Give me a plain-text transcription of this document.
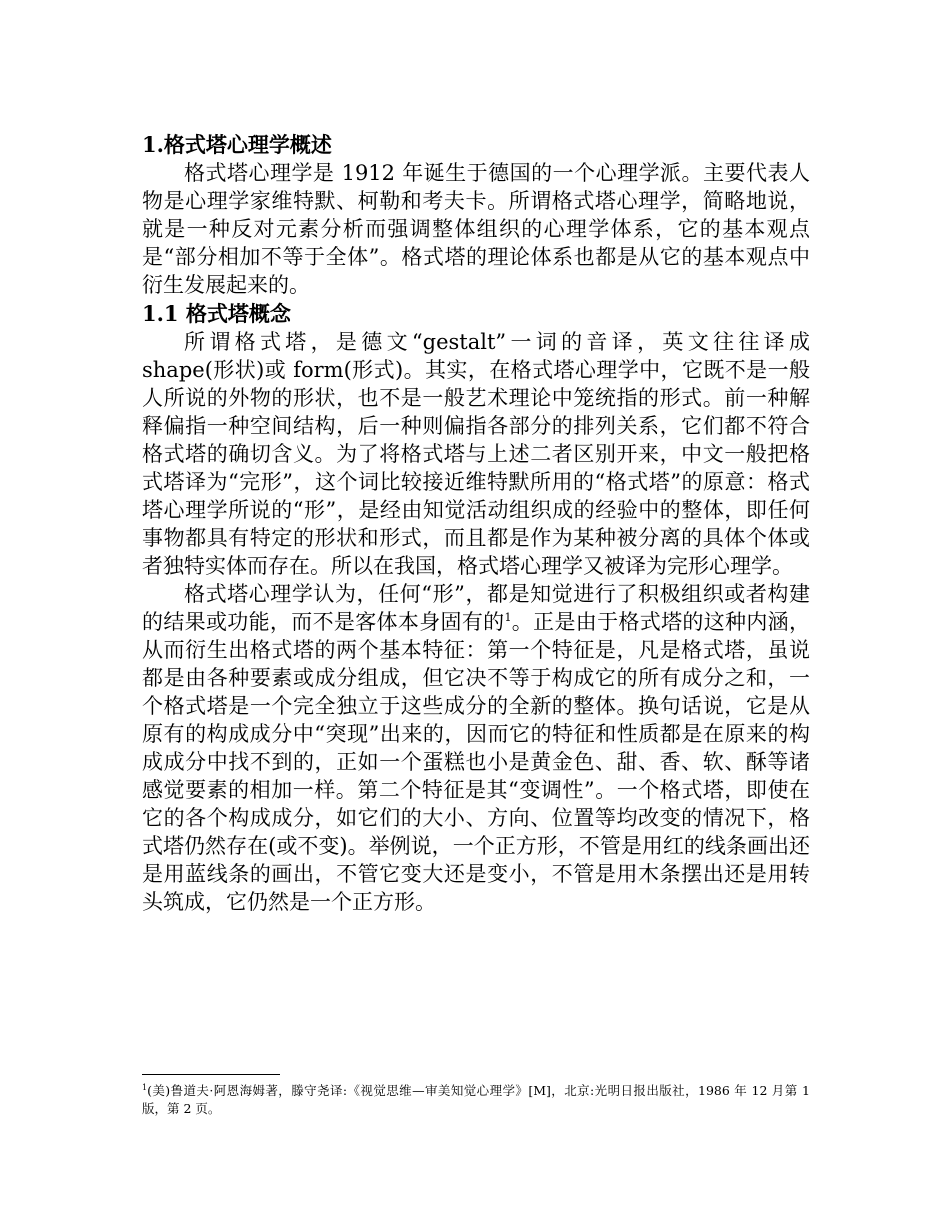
1.格式塔心理学概述

格式塔心理学是 1912 年诞生于德国的一个心理学派。主要代表人物是心理学家维特默、柯勒和考夫卡。所谓格式塔心理学，简略地说，就是一种反对元素分析而强调整体组织的心理学体系，它的基本观点是“部分相加不等于全体”。格式塔的理论体系也都是从它的基本观点中衍生发展起来的。

1.1 格式塔概念

所谓格式塔，是德文“gestalt”一词的音译，英文往往译成 shape(形状)或 form(形式)。其实，在格式塔心理学中，它既不是一般人所说的外物的形状，也不是一般艺术理论中笼统指的形式。前一种解释偏指一种空间结构，后一种则偏指各部分的排列关系，它们都不符合格式塔的确切含义。为了将格式塔与上述二者区别开来，中文一般把格式塔译为“完形”，这个词比较接近维特默所用的“格式塔”的原意：格式塔心理学所说的“形”，是经由知觉活动组织成的经验中的整体，即任何事物都具有特定的形状和形式，而且都是作为某种被分离的具体个体或者独特实体而存在。所以在我国，格式塔心理学又被译为完形心理学。

格式塔心理学认为，任何“形”，都是知觉进行了积极组织或者构建的结果或功能，而不是客体本身固有的$^1$。正是由于格式塔的这种内涵，从而衍生出格式塔的两个基本特征：第一个特征是，凡是格式塔，虽说都是由各种要素或成分组成，但它决不等于构成它的所有成分之和，一个格式塔是一个完全独立于这些成分的全新的整体。换句话说，它是从原有的构成成分中“突现”出来的，因而它的特征和性质都是在原来的构成成分中找不到的，正如一个蛋糕也小是黄金色、甜、香、软、酥等诸感觉要素的相加一样。第二个特征是其“变调性”。一个格式塔，即使在它的各个构成成分，如它们的大小、方向、位置等均改变的情况下，格式塔仍然存在(或不变)。举例说，一个正方形，不管是用红的线条画出还是用蓝线条的画出，不管它变大还是变小，不管是用木条摆出还是用转头筑成，它仍然是一个正方形。

$^1$(美)鲁道夫·阿恩海姆著，滕守尧译:《视觉思维—审美知觉心理学》[M]，北京:光明日报出版社，1986 年 12 月第 1 版，第 2 页。
